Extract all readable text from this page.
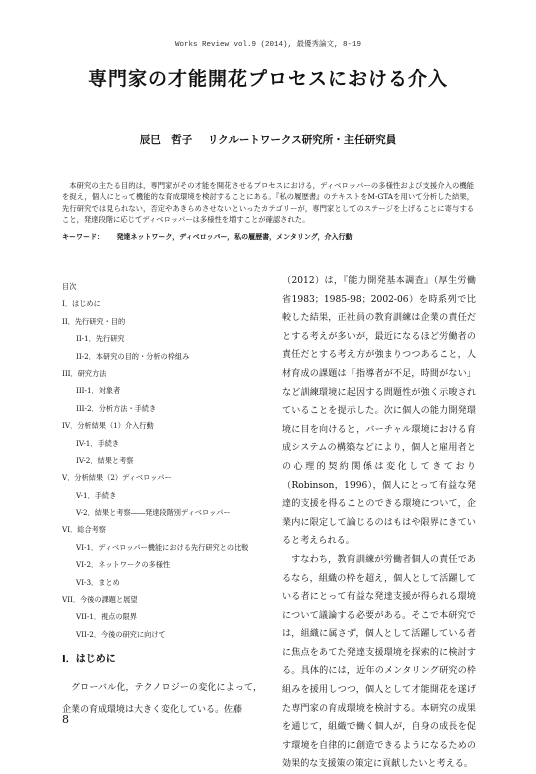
Works Review vol.9 (2014), 最優秀論文, 8-19
専門家の才能開花プロセスにおける介入
辰巳　哲子 リクルートワークス研究所・主任研究員
本研究の主たる目的は，専門家がその才能を開花させるプロセスにおける，ディベロッパーの多様性および支援介入の機能を捉え，個人にとって機能的な育成環境を検討することにある。『私の履歴書』のテキストをM-GTAを用いて分析した結果，先行研究では見られない，否定やあきらめさせないといったカテゴリーが，専門家としてのステージを上げることに寄与すること，発達段階に応じてディベロッパーは多様性を増すことが確認された。
キーワード： 発達ネットワーク，ディベロッパー，私の履歴書，メンタリング，介入行動
目次
I．はじめに
II．先行研究・目的
II-1．先行研究
II-2．本研究の目的・分析の枠組み
III．研究方法
III-1．対象者
III-2．分析方法・手続き
IV．分析結果（1）介入行動
IV-1．手続き
IV-2．結果と考察
V．分析結果（2）ディベロッパー
V-1．手続き
V-2．結果と考察――発達段階別ディベロッパー
VI．総合考察
VI-1．ディベロッパー機能における先行研究との比較
VI-2．ネットワークの多様性
VI-3．まとめ
VII．今後の課題と展望
VII-1．視点の限界
VII-2．今後の研究に向けて
I．はじめに
グローバル化，テクノロジーの変化によって，企業の育成環境は大きく変化している。佐藤

（2012）は，『能力開発基本調査』（厚生労働省1983；1985-98；2002-06）を時系列で比較した結果，正社員の教育訓練は企業の責任だとする考えが多いが，最近になるほど労働者の責任だとする考え方が強まりつつあること，人材育成の課題は「指導者が不足，時間がない」など訓練環境に起因する問題性が強く示唆されていることを提示した。次に個人の能力開発環境に目を向けると，バーチャル環境における育成システムの構築などにより，個人と雇用者との心理的契約関係は変化してきており（Robinson，1996），個人にとって有益な発達的支援を得ることのできる環境について，企業内に限定して論じるのはもはや限界にきていると考えられる。

すなわち，教育訓練が労働者個人の責任であるなら，組織の枠を超え，個人として活躍している者にとって有益な発達支援が得られる環境について議論する必要がある。そこで本研究では，組織に属さず，個人として活躍している者に焦点をあてた発達支援環境を探索的に検討する。具体的には，近年のメンタリング研究の枠組みを援用しつつ，個人として才能開花を遂げた専門家の育成環境を検討する。本研究の成果を通じて，組織で働く個人が，自身の成長を促す環境を自律的に創造できるようになるための効果的な支援策の策定に貢献したいと考える。

8
